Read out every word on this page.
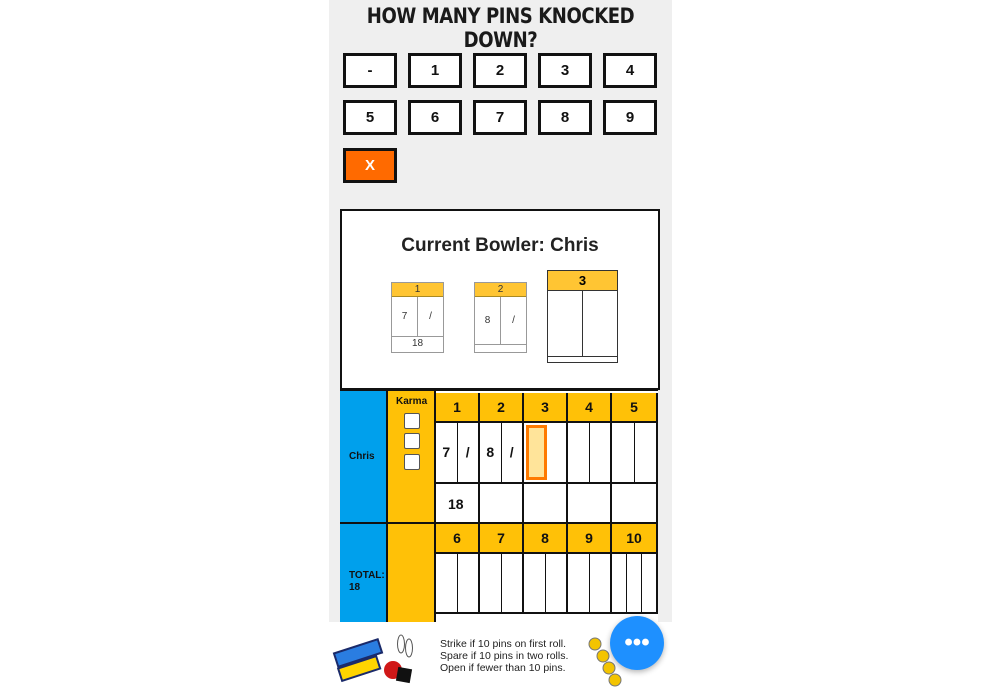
HOW MANY PINS KNOCKED DOWN?
-	1	2	3	4
5	6	7	8	9
X
Current Bowler: Chris
1
7	/
18
2
8	/
3
Chris
Karma	1	2	3	4	5
7	/	8	/
18
TOTAL:
18
6	7	8	9	10
Strike if 10 pins on first roll.
Spare if 10 pins in two rolls.
Open if fewer than 10 pins.
•••
